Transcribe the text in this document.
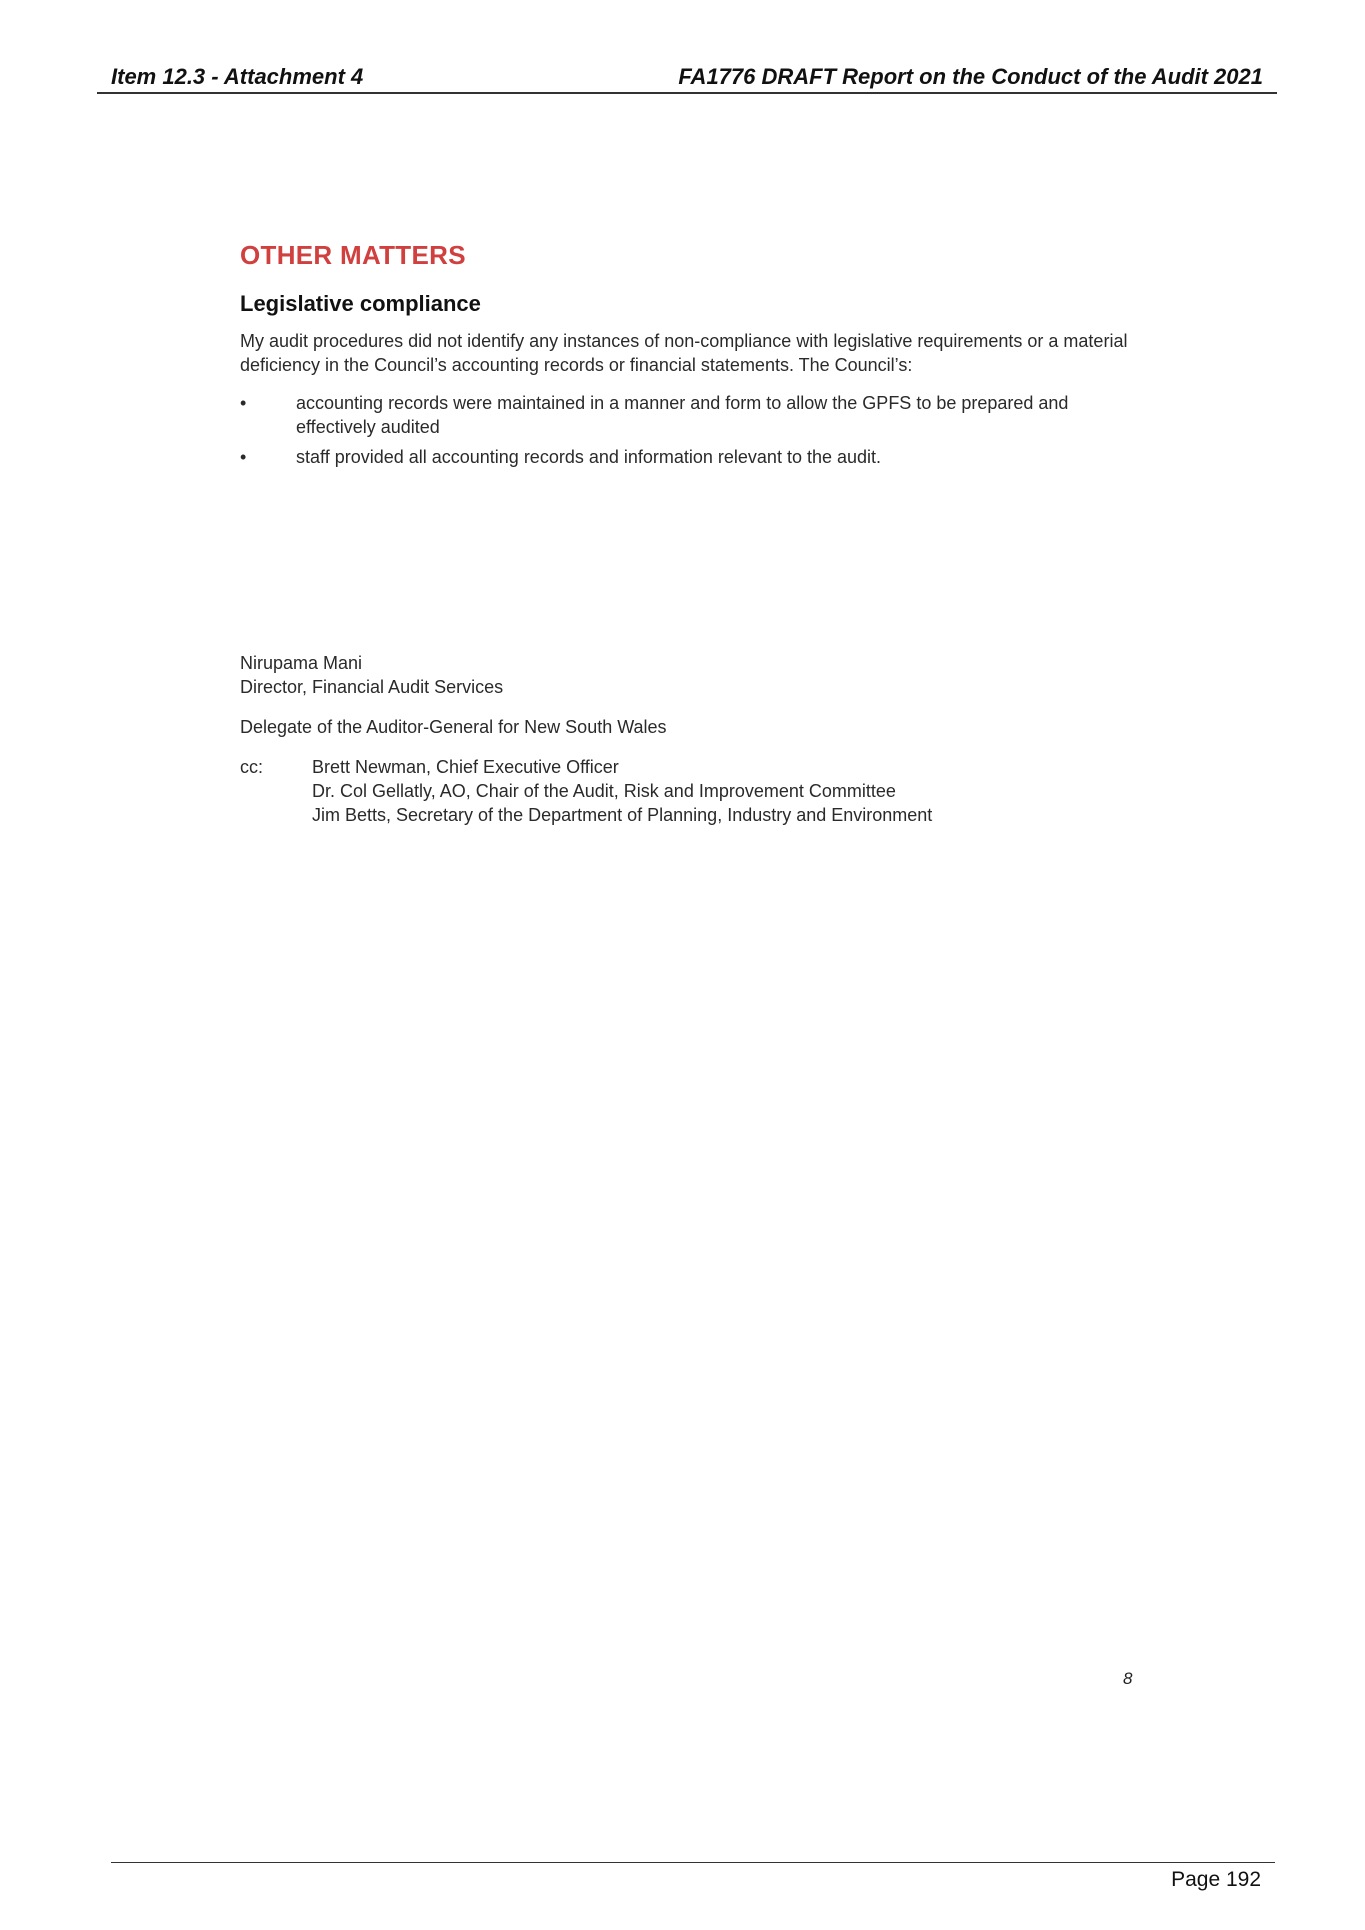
Item 12.3 - Attachment 4	FA1776 DRAFT Report on the Conduct of the Audit 2021
OTHER MATTERS
Legislative compliance

My audit procedures did not identify any instances of non-compliance with legislative requirements or a material deficiency in the Council’s accounting records or financial statements. The Council’s:

•	accounting records were maintained in a manner and form to allow the GPFS to be prepared and effectively audited
•	staff provided all accounting records and information relevant to the audit.
Nirupama Mani
Director, Financial Audit Services
Delegate of the Auditor-General for New South Wales
cc:	Brett Newman, Chief Executive Officer
Dr. Col Gellatly, AO, Chair of the Audit, Risk and Improvement Committee
Jim Betts, Secretary of the Department of Planning, Industry and Environment
8
Page 192
